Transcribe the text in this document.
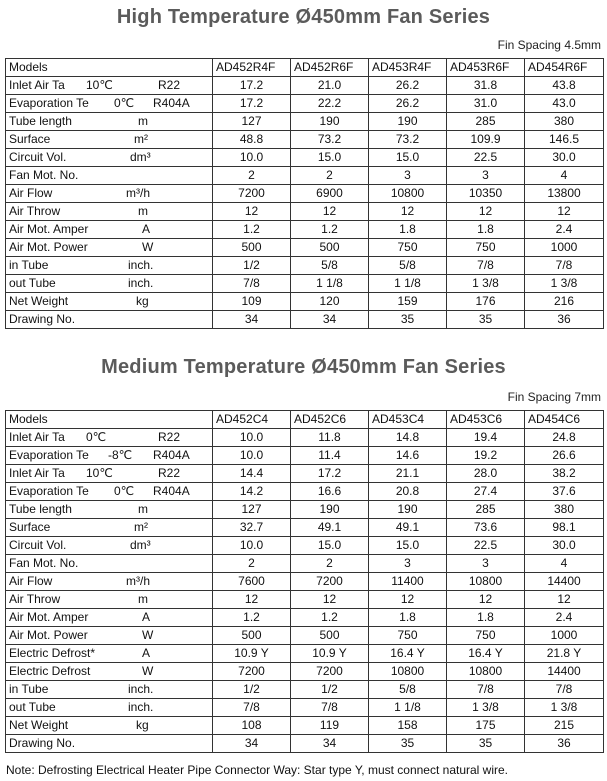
High Temperature Ø450mm Fan Series
Fin Spacing 4.5mm
Models	AD452R4F	AD452R6F	AD453R4F	AD453R6F	AD454R6F
Inlet Air Ta 10℃ R22	17.2	21.0	26.2	31.8	43.8
Evaporation Te 0℃ R404A	17.2	22.2	26.2	31.0	43.0
Tube length m	127	190	190	285	380
Surface m²	48.8	73.2	73.2	109.9	146.5
Circuit Vol. dm³	10.0	15.0	15.0	22.5	30.0
Fan Mot. No.	2	2	3	3	4
Air Flow m³/h	7200	6900	10800	10350	13800
Air Throw m	12	12	12	12	12
Air Mot. Amper A	1.2	1.2	1.8	1.8	2.4
Air Mot. Power W	500	500	750	750	1000
in Tube inch.	1/2	5/8	5/8	7/8	7/8
out Tube inch.	7/8	1 1/8	1 1/8	1 3/8	1 3/8
Net Weight kg	109	120	159	176	216
Drawing No.	34	34	35	35	36
Medium Temperature Ø450mm Fan Series
Fin Spacing 7mm
Models	AD452C4	AD452C6	AD453C4	AD453C6	AD454C6
Inlet Air Ta 0℃ R22	10.0	11.8	14.8	19.4	24.8
Evaporation Te -8℃ R404A	10.0	11.4	14.6	19.2	26.6
Inlet Air Ta 10℃ R22	14.4	17.2	21.1	28.0	38.2
Evaporation Te 0℃ R404A	14.2	16.6	20.8	27.4	37.6
Tube length m	127	190	190	285	380
Surface m²	32.7	49.1	49.1	73.6	98.1
Circuit Vol. dm³	10.0	15.0	15.0	22.5	30.0
Fan Mot. No.	2	2	3	3	4
Air Flow m³/h	7600	7200	11400	10800	14400
Air Throw m	12	12	12	12	12
Air Mot. Amper A	1.2	1.2	1.8	1.8	2.4
Air Mot. Power W	500	500	750	750	1000
Electric Defrost* A	10.9 Y	10.9 Y	16.4 Y	16.4 Y	21.8 Y
Electric Defrost W	7200	7200	10800	10800	14400
in Tube inch.	1/2	1/2	5/8	7/8	7/8
out Tube inch.	7/8	7/8	1 1/8	1 3/8	1 3/8
Net Weight kg	108	119	158	175	215
Drawing No.	34	34	35	35	36
Note: Defrosting Electrical Heater Pipe Connector Way: Star type Y, must connect natural wire.
